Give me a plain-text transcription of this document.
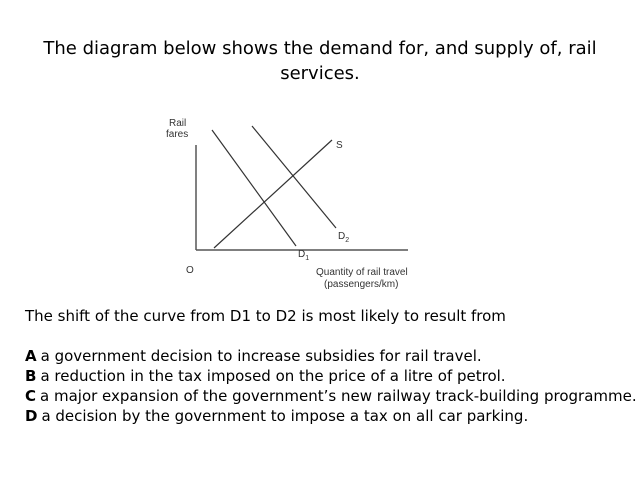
The diagram below shows the demand for, and supply of, rail services.
Rail
fares
O	Quantity of rail travel
(passengers/km)
S
$D_1$
$D_2$
The shift of the curve from D1 to D2 is most likely to result from
A a government decision to increase subsidies for rail travel.
B a reduction in the tax imposed on the price of a litre of petrol.
C a major expansion of the government’s new railway track-building programme.
D a decision by the government to impose a tax on all car parking.
